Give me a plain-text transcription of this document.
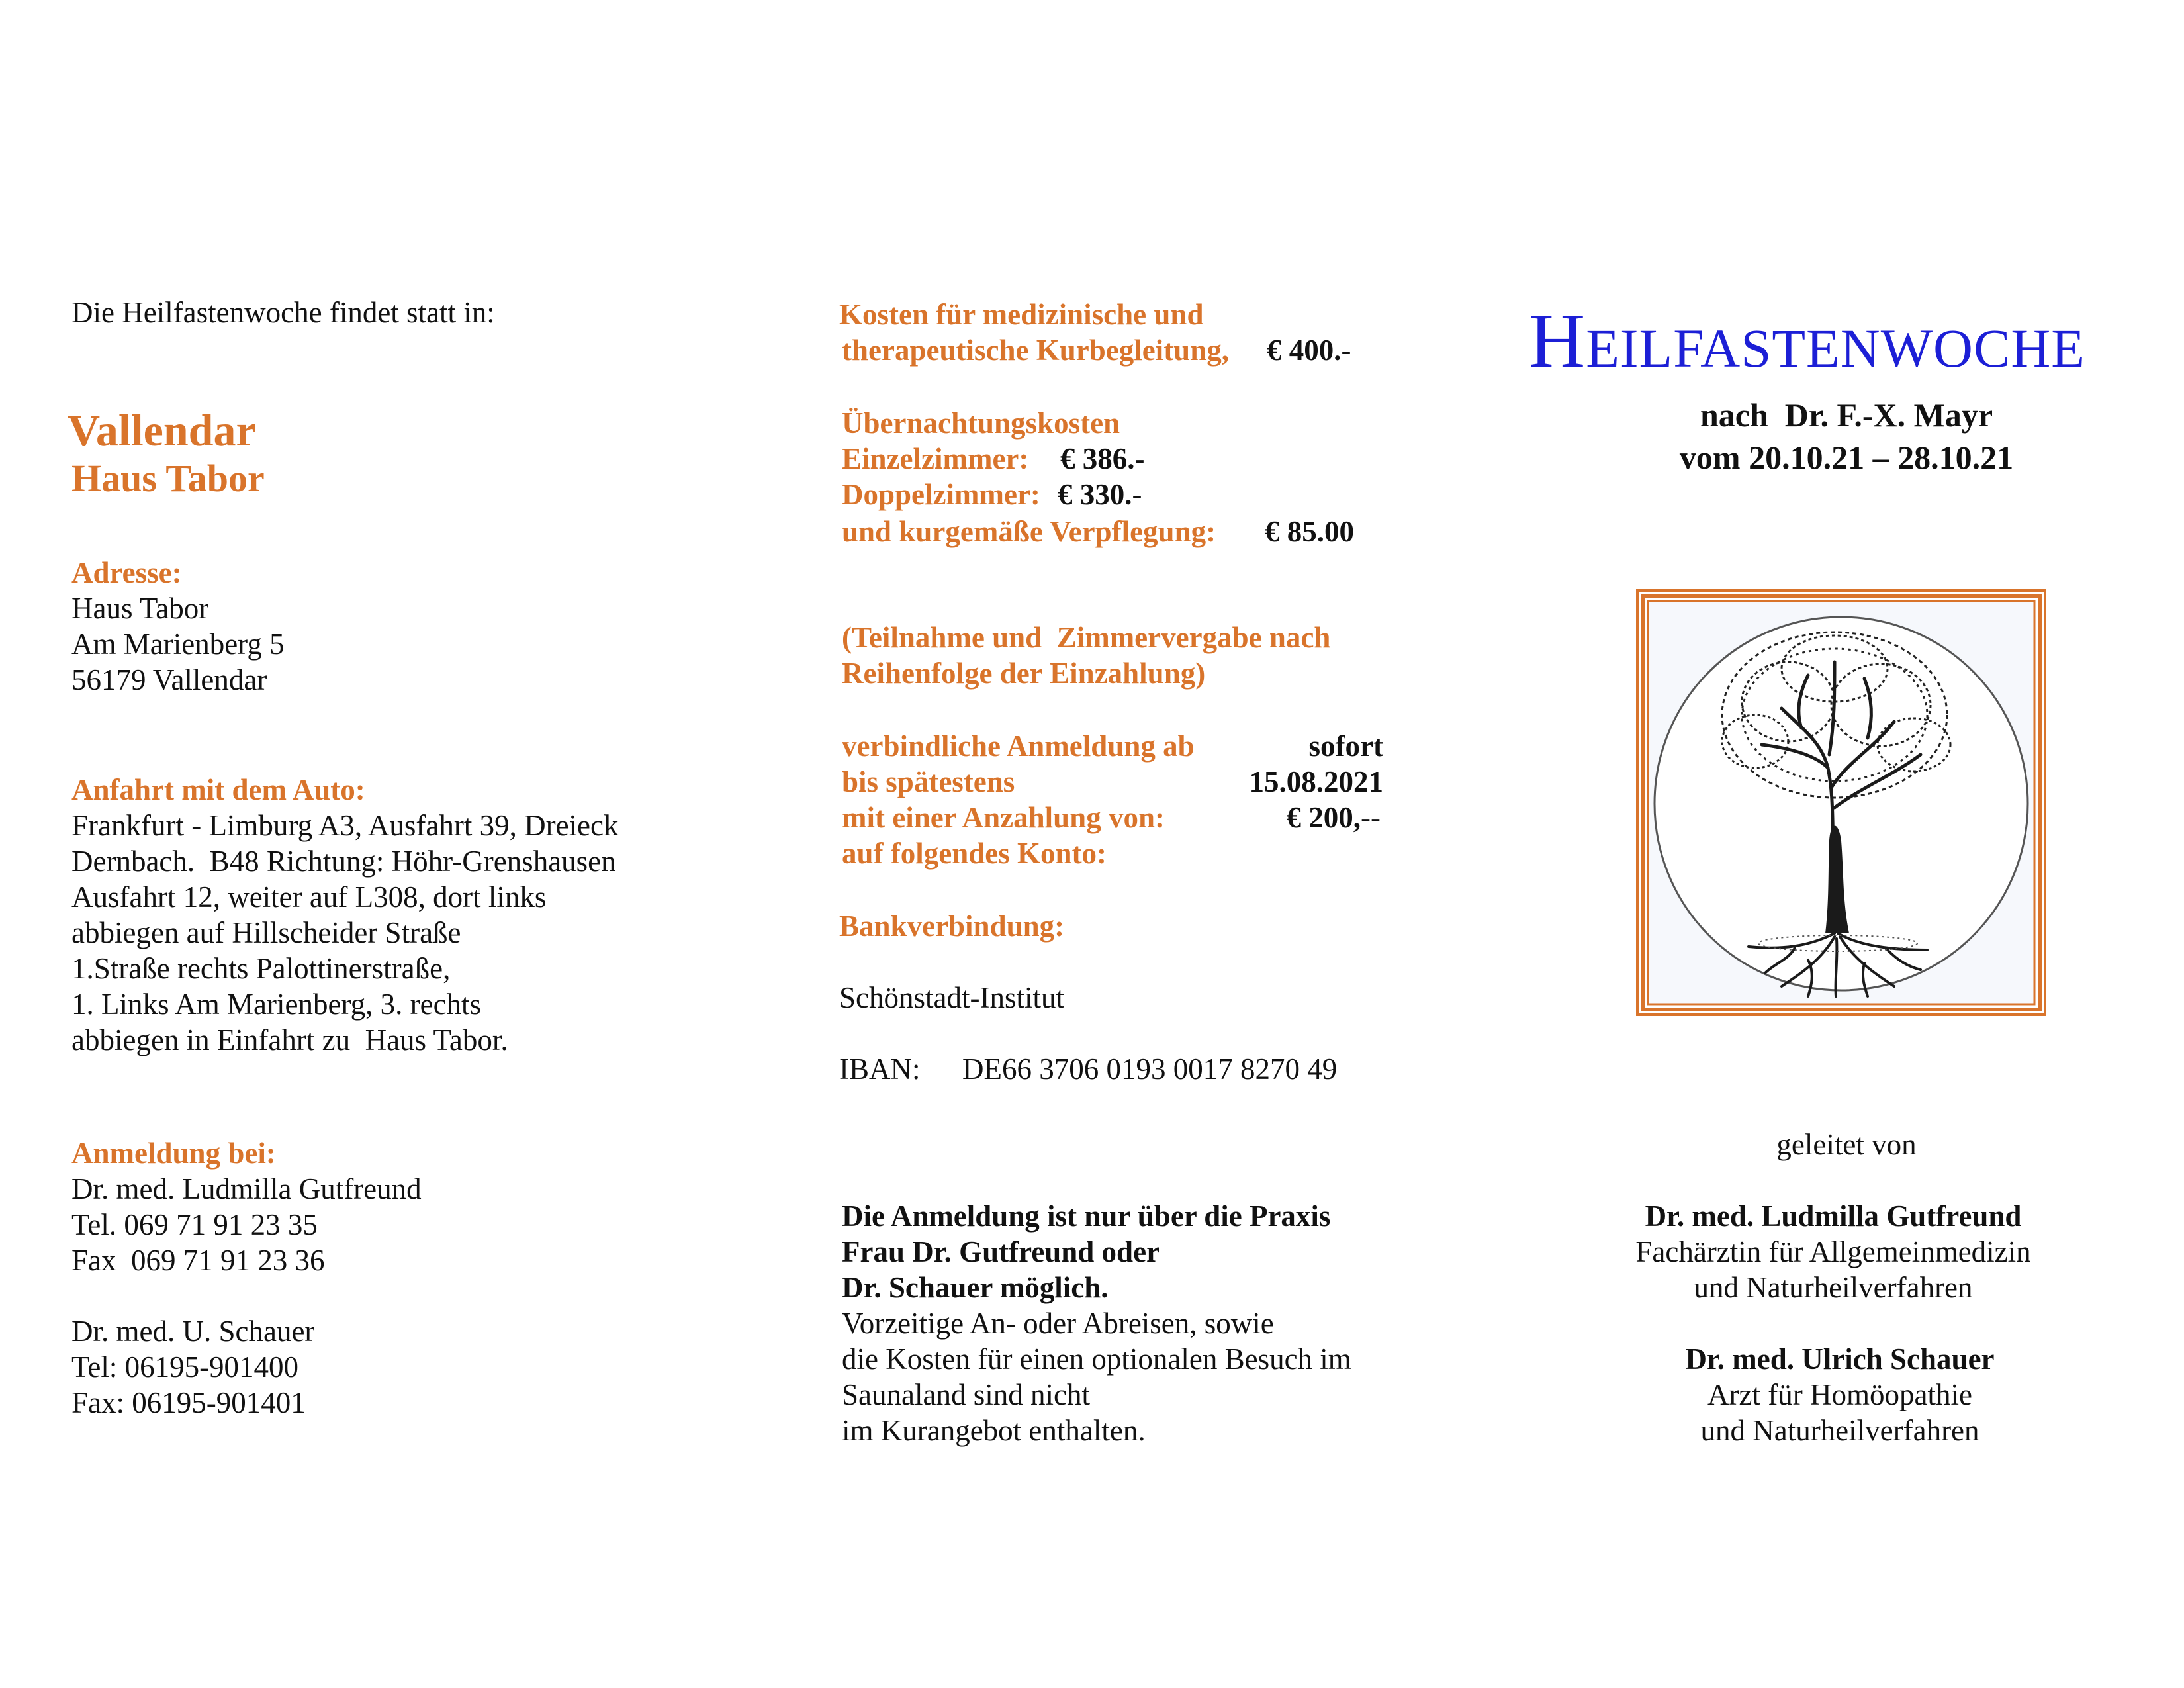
Die Heilfastenwoche findet statt in:
Vallendar
Haus Tabor
Adresse:
Haus Tabor
Am Marienberg 5
56179 Vallendar
Anfahrt mit dem Auto:
Frankfurt - Limburg A3, Ausfahrt 39, Dreieck
Dernbach.  B48 Richtung: Höhr-Grenshausen
Ausfahrt 12, weiter auf L308, dort links
abbiegen auf Hillscheider Straße
1.Straße rechts Palottinerstraße,
1. Links Am Marienberg, 3. rechts
abbiegen in Einfahrt zu  Haus Tabor.
Anmeldung bei:
Dr. med. Ludmilla Gutfreund
Tel. 069 71 91 23 35
Fax  069 71 91 23 36
Dr. med. U. Schauer
Tel: 06195-901400
Fax: 06195-901401
Kosten für medizinische und
therapeutische Kurbegleitung, € 400.-
Übernachtungskosten
Einzelzimmer: € 386.-
Doppelzimmer: € 330.-
und kurgemäße Verpflegung: € 85.00
(Teilnahme und  Zimmervergabe nach
Reihenfolge der Einzahlung)
verbindliche Anmeldung ab	sofort
bis spätestens	15.08.2021
mit einer Anzahlung von:	€ 200,--
auf folgendes Konto:
Bankverbindung:
Schönstadt-Institut
IBAN: DE66 3706 0193 0017 8270 49
Die Anmeldung ist nur über die Praxis
Frau Dr. Gutfreund oder
Dr. Schauer möglich.
Vorzeitige An- oder Abreisen, sowie
die Kosten für einen optionalen Besuch im
Saunaland sind nicht
im Kurangebot enthalten.
Heilfastenwoche
nach  Dr. F.-X. Mayr
vom 20.10.21 – 28.10.21
geleitet von
Dr. med. Ludmilla Gutfreund
Fachärztin für Allgemeinmedizin
und Naturheilverfahren
Dr. med. Ulrich Schauer
Arzt für Homöopathie
und Naturheilverfahren
